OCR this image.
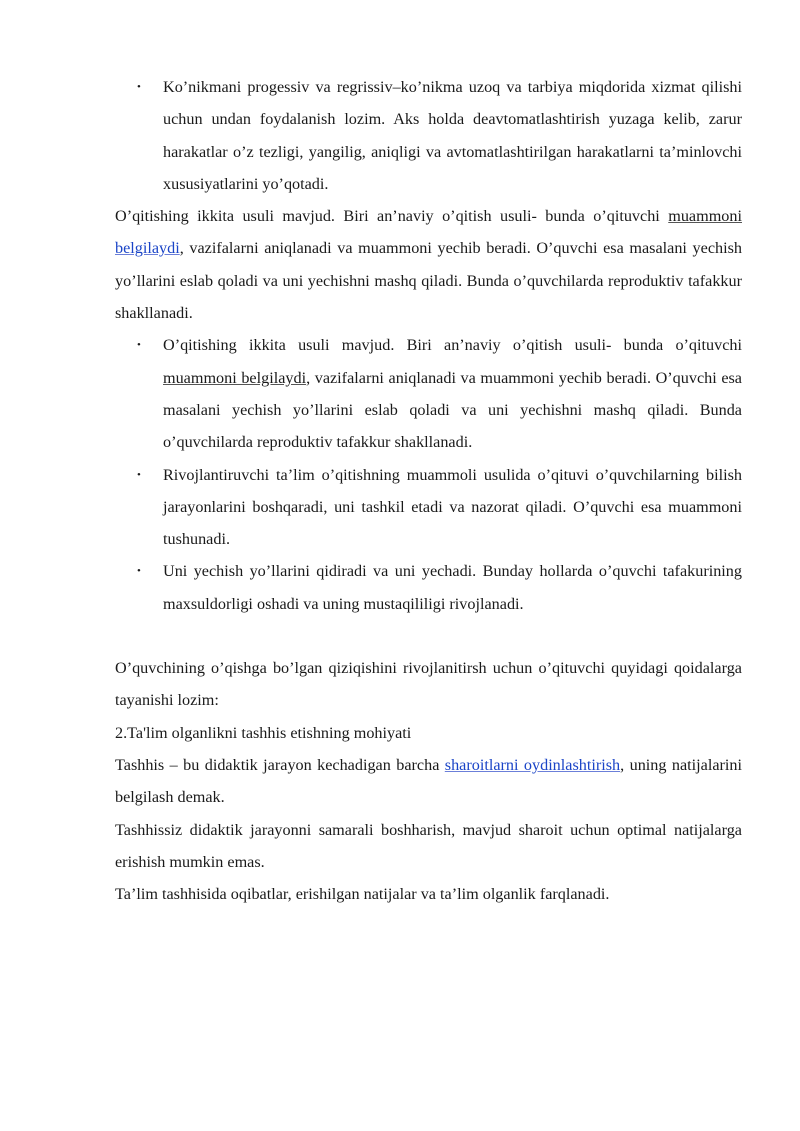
• Ko’nikmani progessiv va regrissiv–ko’nikma uzoq va tarbiya miqdorida xizmat qilishi uchun undan foydalanish lozim. Aks holda deavtomatlashtirish yuzaga kelib, zarur harakatlar o’z tezligi, yangilig, aniqligi va avtomatlashtirilgan harakatlarni ta’minlovchi xususiyatlarini yo’qotadi.

O’qitishing ikkita usuli mavjud. Biri an’naviy o’qitish usuli- bunda o’qituvchi muammoni belgilaydi, vazifalarni aniqlanadi va muammoni yechib beradi. O’quvchi esa masalani yechish yo’llarini eslab qoladi va uni yechishni mashq qiladi. Bunda o’quvchilarda reproduktiv tafakkur shakllanadi.

• O’qitishing ikkita usuli mavjud. Biri an’naviy o’qitish usuli- bunda o’qituvchi muammoni belgilaydi, vazifalarni aniqlanadi va muammoni yechib beradi. O’quvchi esa masalani yechish yo’llarini eslab qoladi va uni yechishni mashq qiladi. Bunda o’quvchilarda reproduktiv tafakkur shakllanadi.
• Rivojlantiruvchi ta’lim o’qitishning muammoli usulida o’qituvi o’quvchilarning bilish jarayonlarini boshqaradi, uni tashkil etadi va nazorat qiladi. O’quvchi esa muammoni tushunadi.
• Uni yechish yo’llarini qidiradi va uni yechadi. Bunday hollarda o’quvchi tafakurining maxsuldorligi oshadi va uning mustaqililigi rivojlanadi.

O’quvchining o’qishga bo’lgan qiziqishini rivojlanitirsh uchun o’qituvchi quyidagi qoidalarga tayanishi lozim:

2.Ta'lim olganlikni tashhis etishning mohiyati

Tashhis – bu didaktik jarayon kechadigan barcha sharoitlarni oydinlashtirish, uning natijalarini belgilash demak.

Tashhissiz didaktik jarayonni samarali boshharish, mavjud sharoit uchun optimal natijalarga erishish mumkin emas.

Ta’lim tashhisida oqibatlar, erishilgan natijalar va ta’lim olganlik farqlanadi.
